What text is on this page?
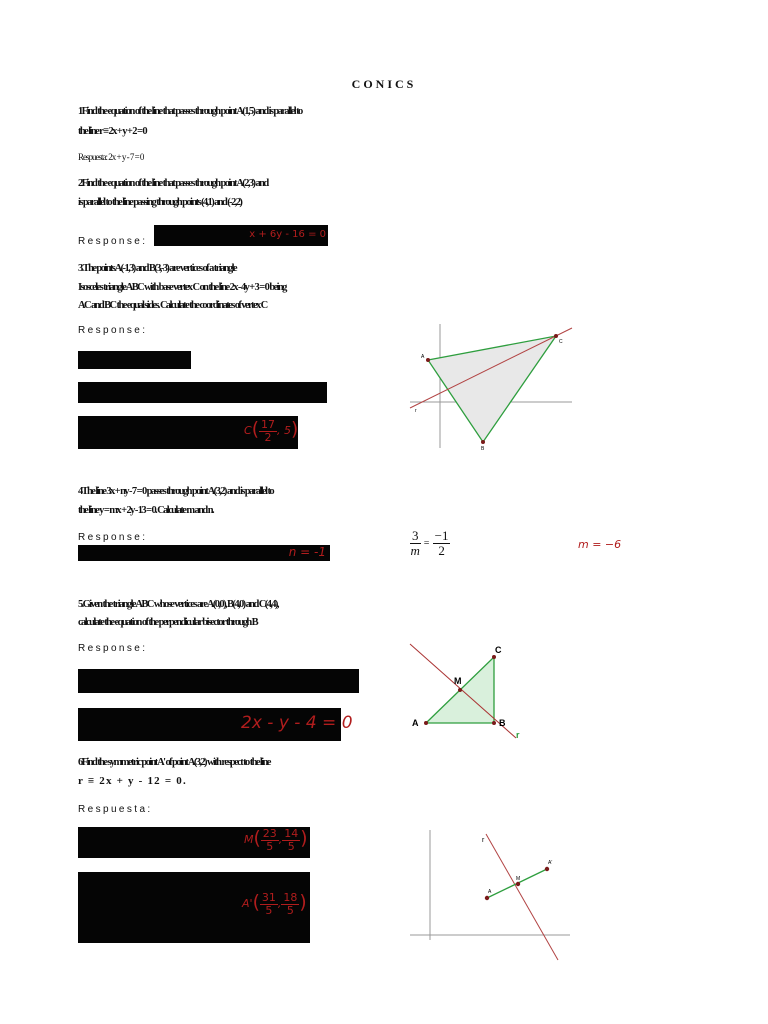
CONICS
1Find the equation of the line that passes through point A(1,5) and is parallel to
the line r ≡ 2x + y + 2 = 0
Respuesta: 2x + y - 7 = 0
2Find the equation of the line that passes through point A(2,3) and
is parallel to the line passing through points (4,1) and (-2,2)
Response:
x + 6y - 16 = 0
3.The points A(-1,3) and B(3,-3) are vertices of a triangle
Isosceles triangle ABC with base vertex C on the line 2x - 4y + 3 = 0 being
AC and BC the equal sides. Calculate the coordinates of vertex C
Response:
$C( \frac{17}{2}$ , 5)
A
C
B
r
4The line 3x + ny - 7 = 0 passes through point A(3,2) and is parallel to
the line y = mx + 2y - 13 = 0. Calculate m and n.
Response:
n = -1	$\frac{3}{m} = \frac{-1}{2}$	m = −6
5.Given the triangle ABC whose vertices are A(0,0), B(4,0) and C(4,4),
calculate the equation of the perpendicular bisector through B
Response:
2x - y - 4 = 0	A	B
C
M
r
6Find the symmetric point A' of point A(3,2) with respect to the line
r ≡ 2x + y - 12 = 0.
Respuesta:
$M( \frac{23}{5}$ , $\frac{14}{5}$ )
$A'( \frac{31}{5}$ , $\frac{18}{5}$ )
A
M
A'
r
